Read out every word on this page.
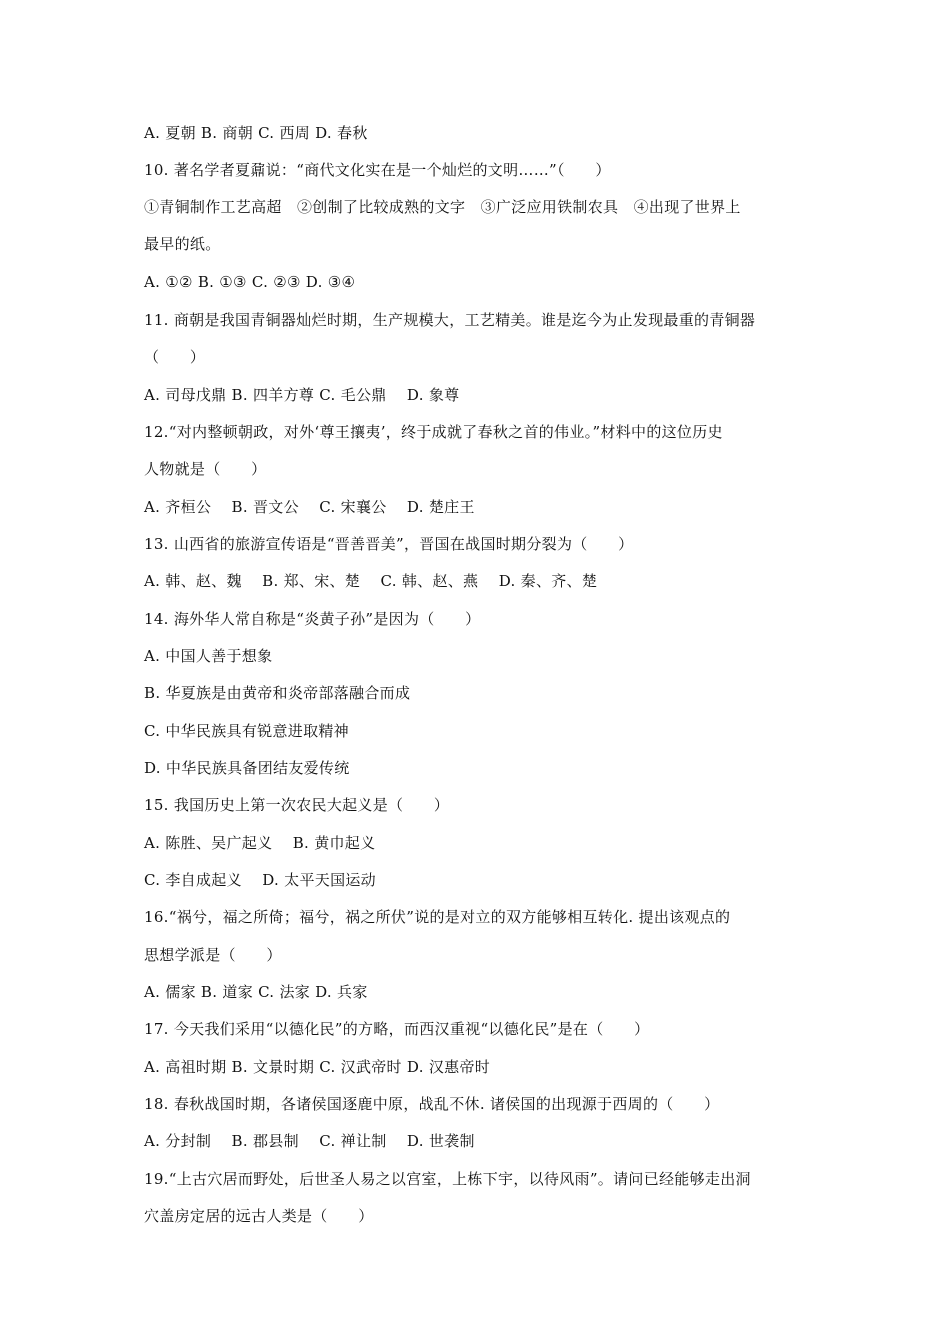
A. 夏朝 B. 商朝 C. 西周 D. 春秋
10. 著名学者夏鼐说：“商代文化实在是一个灿烂的文明……”（　　）
①青铜制作工艺高超　②创制了比较成熟的文字　③广泛应用铁制农具　④出现了世界上
最早的纸。
A. ①② B. ①③ C. ②③ D. ③④
11. 商朝是我国青铜器灿烂时期，生产规模大，工艺精美。谁是迄今为止发现最重的青铜器
（　　）
A. 司母戊鼎 B. 四羊方尊 C. 毛公鼎　 D. 象尊
12.“对内整顿朝政，对外‘尊王攘夷’，终于成就了春秋之首的伟业。”材料中的这位历史
人物就是（　　）
A. 齐桓公　 B. 晋文公　 C. 宋襄公　 D. 楚庄王
13. 山西省的旅游宣传语是“晋善晋美”，晋国在战国时期分裂为（　　）
A. 韩、赵、魏　 B. 郑、宋、楚　 C. 韩、赵、燕　 D. 秦、齐、楚
14. 海外华人常自称是“炎黄子孙”是因为（　　）
A. 中国人善于想象
B. 华夏族是由黄帝和炎帝部落融合而成
C. 中华民族具有锐意进取精神
D. 中华民族具备团结友爱传统
15. 我国历史上第一次农民大起义是（　　）
A. 陈胜、吴广起义　 B. 黄巾起义
C. 李自成起义　 D. 太平天国运动
16.“祸兮，福之所倚；福兮，祸之所伏”说的是对立的双方能够相互转化. 提出该观点的
思想学派是（　　）
A. 儒家 B. 道家 C. 法家 D. 兵家
17. 今天我们采用“以德化民”的方略，而西汉重视“以德化民”是在（　　）
A. 高祖时期 B. 文景时期 C. 汉武帝时 D. 汉惠帝时
18. 春秋战国时期，各诸侯国逐鹿中原，战乱不休. 诸侯国的出现源于西周的（　　）
A. 分封制　 B. 郡县制　 C. 禅让制　 D. 世袭制
19.“上古穴居而野处，后世圣人易之以宫室，上栋下宇，以待风雨”。请问已经能够走出洞
穴盖房定居的远古人类是（　　）
